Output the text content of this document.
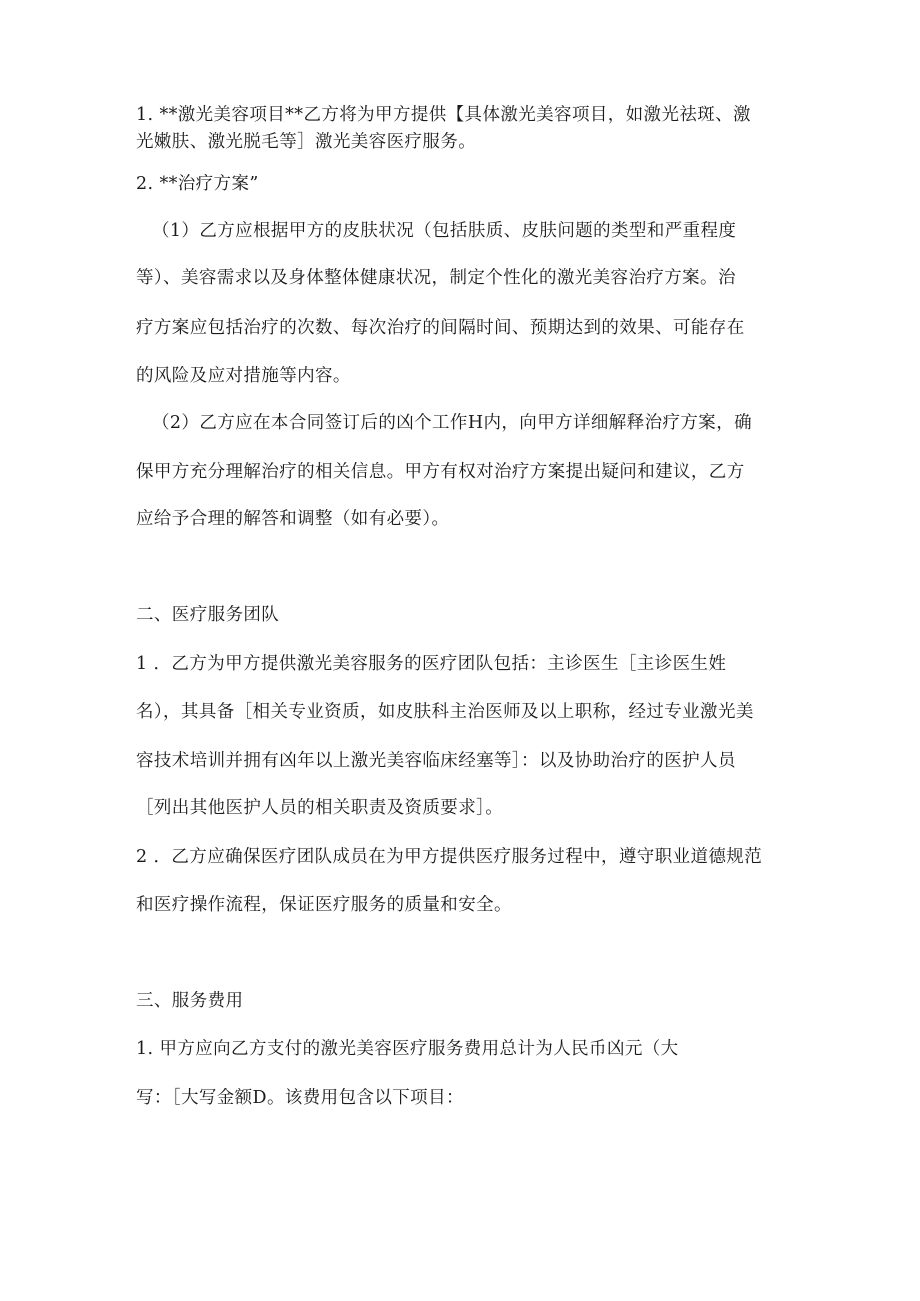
1. **激光美容项目**乙方将为甲方提供【具体激光美容项目，如激光祛斑、激
光嫩肤、激光脱毛等］激光美容医疗服务。
2. **治疗方案”
（1）乙方应根据甲方的皮肤状况（包括肤质、皮肤问题的类型和严重程度
等）、美容需求以及身体整体健康状况，制定个性化的激光美容治疗方案。治
疗方案应包括治疗的次数、每次治疗的间隔时间、预期达到的效果、可能存在
的风险及应对措施等内容。
（2）乙方应在本合同签订后的凶个工作H内，向甲方详细解释治疗方案，确
保甲方充分理解治疗的相关信息。甲方有权对治疗方案提出疑问和建议，乙方
应给予合理的解答和调整（如有必要）。
二、医疗服务团队
1 ．乙方为甲方提供激光美容服务的医疗团队包括：主诊医生［主诊医生姓
名），其具备［相关专业资质，如皮肤科主治医师及以上职称，经过专业激光美
容技术培训并拥有凶年以上激光美容临床经塞等］：以及协助治疗的医护人员
［列出其他医护人员的相关职责及资质要求］。
2 ．乙方应确保医疗团队成员在为甲方提供医疗服务过程中，遵守职业道德规范
和医疗操作流程，保证医疗服务的质量和安全。
三、服务费用
1. 甲方应向乙方支付的激光美容医疗服务费用总计为人民币凶元（大
写：［大写金额D。该费用包含以下项目：
